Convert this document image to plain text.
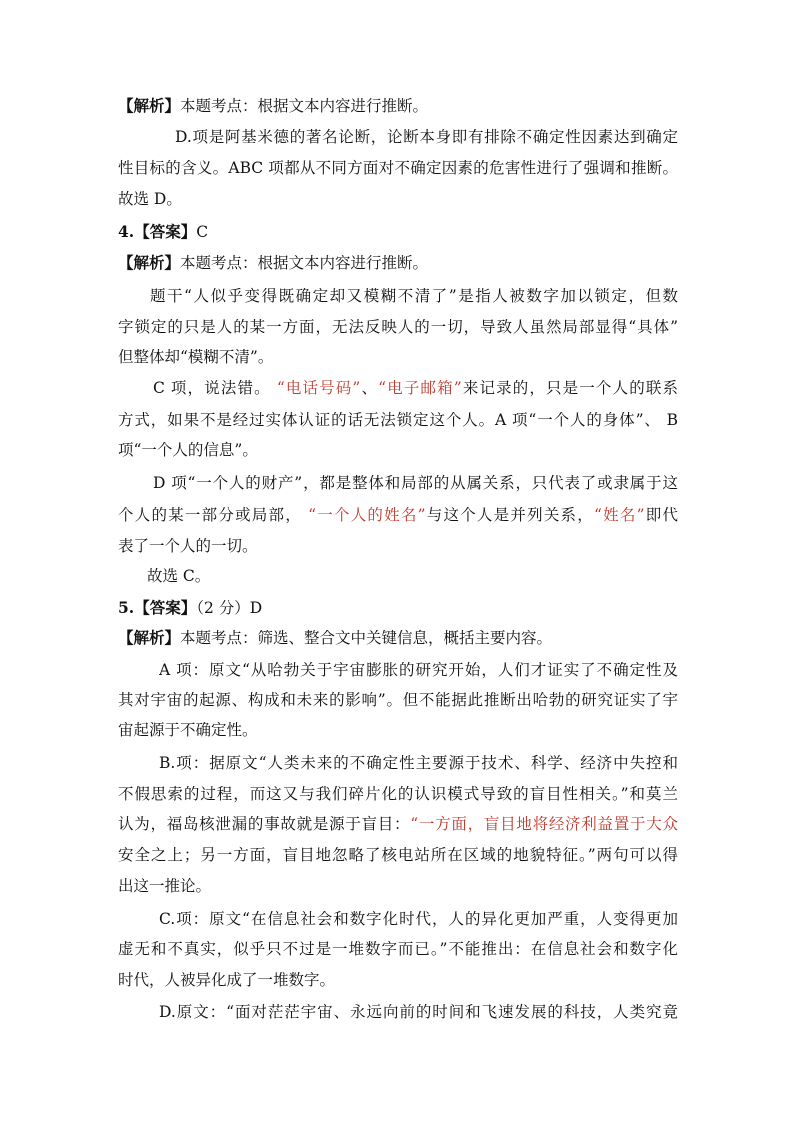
【解析】本题考点：根据文本内容进行推断。
D.项是阿基米德的著名论断，论断本身即有排除不确定性因素达到确定
性目标的含义。ABC 项都从不同方面对不确定因素的危害性进行了强调和推断。
故选 D。
4.【答案】C
【解析】本题考点：根据文本内容进行推断。
题干“人似乎变得既确定却又模糊不清了”是指人被数字加以锁定，但数
字锁定的只是人的某一方面，无法反映人的一切，导致人虽然局部显得“具体”
但整体却“模糊不清”。
C 项，说法错。 “电话号码”、“电子邮箱”来记录的，只是一个人的联系
方式，如果不是经过实体认证的话无法锁定这个人。A 项“一个人的身体”、 B
项“一个人的信息”。
D 项“一个人的财产”，都是整体和局部的从属关系，只代表了或隶属于这
个人的某一部分或局部， “一个人的姓名”与这个人是并列关系，“姓名”即代
表了一个人的一切。
故选 C。
5.【答案】（2 分）D
【解析】本题考点：筛选、整合文中关键信息，概括主要内容。
A 项：原文“从哈勃关于宇宙膨胀的研究开始，人们才证实了不确定性及
其对宇宙的起源、构成和未来的影响”。但不能据此推断出哈勃的研究证实了宇
宙起源于不确定性。
B.项：据原文“人类未来的不确定性主要源于技术、科学、经济中失控和
不假思索的过程，而这又与我们碎片化的认识模式导致的盲目性相关。”和莫兰
认为，福岛核泄漏的事故就是源于盲目：“一方面，盲目地将经济利益置于大众
安全之上；另一方面，盲目地忽略了核电站所在区域的地貌特征。”两句可以得
出这一推论。
C.项：原文“在信息社会和数字化时代，人的异化更加严重，人变得更加
虚无和不真实，似乎只不过是一堆数字而已。”不能推出：在信息社会和数字化
时代，人被异化成了一堆数字。
D.原文：“面对茫茫宇宙、永远向前的时间和飞速发展的科技，人类究竟
